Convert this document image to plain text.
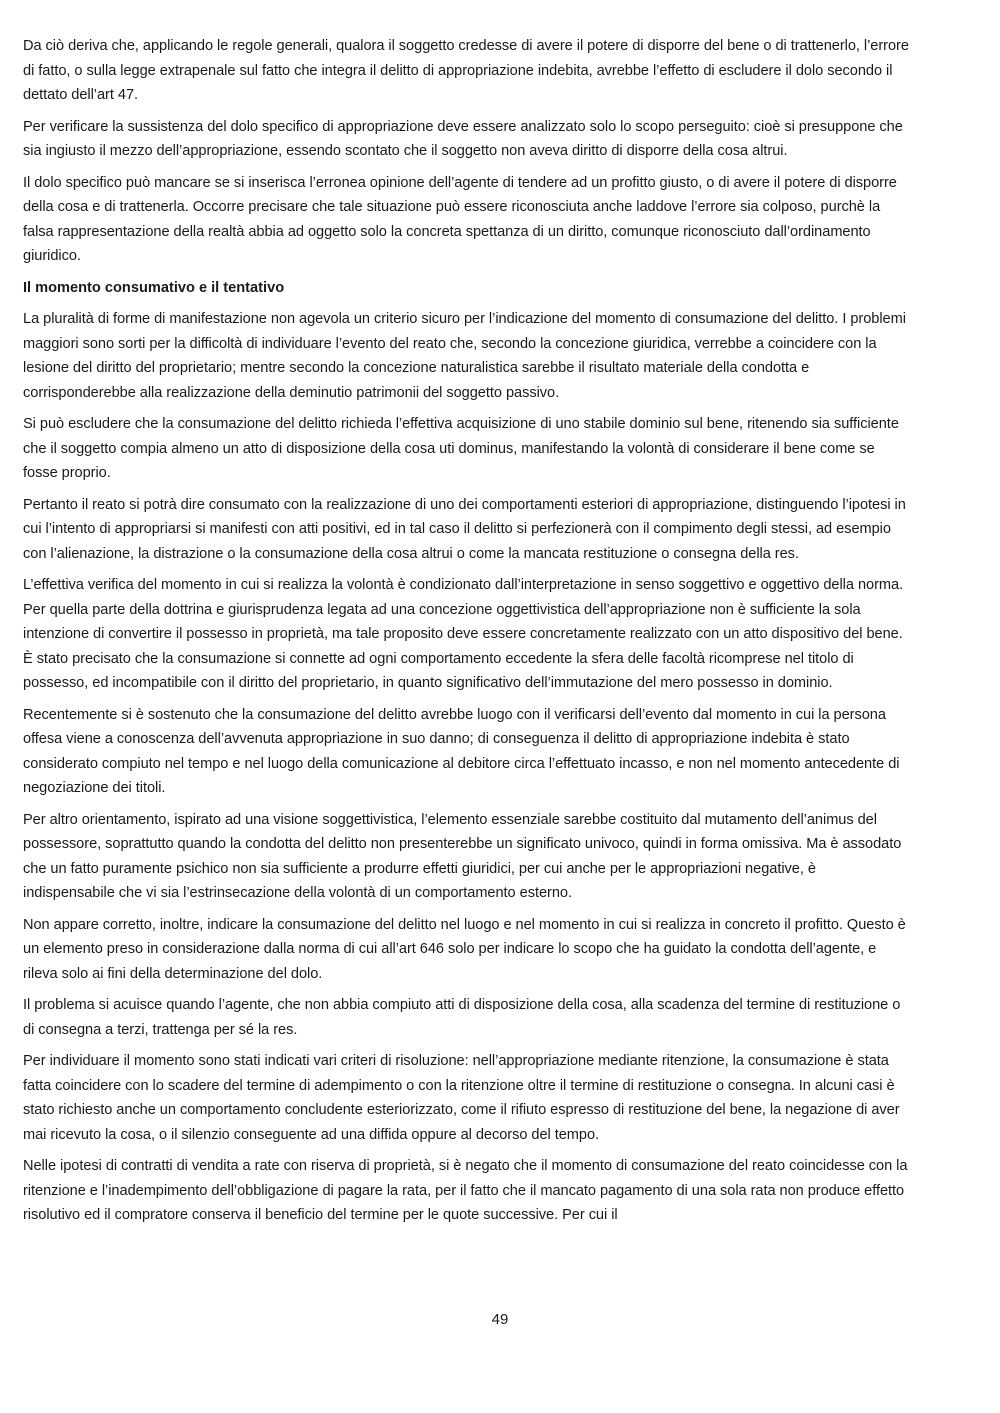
Da ciò deriva che, applicando le regole generali, qualora il soggetto credesse di avere il potere di disporre del bene o di trattenerlo, l’errore di fatto, o sulla legge extrapenale sul fatto che integra il delitto di appropriazione indebita, avrebbe l’effetto di escludere il dolo secondo il dettato dell’art 47.

Per verificare la sussistenza del dolo specifico di appropriazione deve essere analizzato solo lo scopo perseguito: cioè si presuppone che sia ingiusto il mezzo dell’appropriazione, essendo scontato che il soggetto non aveva diritto di disporre della cosa altrui.

Il dolo specifico può mancare se si inserisca l’erronea opinione dell’agente di tendere ad un profitto giusto, o di avere il potere di disporre della cosa e di trattenerla. Occorre precisare che tale situazione può essere riconosciuta anche laddove l’errore sia colposo, purchè la falsa rappresentazione della realtà abbia ad oggetto solo la concreta spettanza di un diritto, comunque riconosciuto dall’ordinamento giuridico.

Il momento consumativo e il tentativo

La pluralità di forme di manifestazione non agevola un criterio sicuro per l’indicazione del momento di consumazione del delitto. I problemi maggiori sono sorti per la difficoltà di individuare l’evento del reato che, secondo la concezione giuridica, verrebbe a coincidere con la lesione del diritto del proprietario; mentre secondo la concezione naturalistica sarebbe il risultato materiale della condotta e corrisponderebbe alla realizzazione della deminutio patrimonii del soggetto passivo.

Si può escludere che la consumazione del delitto richieda l’effettiva acquisizione di uno stabile dominio sul bene, ritenendo sia sufficiente che il soggetto compia almeno un atto di disposizione della cosa uti dominus, manifestando la volontà di considerare il bene come se fosse proprio.

Pertanto il reato si potrà dire consumato con la realizzazione di uno dei comportamenti esteriori di appropriazione, distinguendo l’ipotesi in cui l’intento di appropriarsi si manifesti con atti positivi, ed in tal caso il delitto si perfezionerà con il compimento degli stessi, ad esempio con l’alienazione, la distrazione o la consumazione della cosa altrui o come la mancata restituzione o consegna della res.

L’effettiva verifica del momento in cui si realizza la volontà è condizionato dall’interpretazione in senso soggettivo e oggettivo della norma. Per quella parte della dottrina e giurisprudenza legata ad una concezione oggettivistica dell’appropriazione non è sufficiente la sola intenzione di convertire il possesso in proprietà, ma tale proposito deve essere concretamente realizzato con un atto dispositivo del bene. È stato precisato che la consumazione si connette ad ogni comportamento eccedente la sfera delle facoltà ricomprese nel titolo di possesso, ed incompatibile con il diritto del proprietario, in quanto significativo dell’immutazione del mero possesso in dominio.

Recentemente si è sostenuto che la consumazione del delitto avrebbe luogo con il verificarsi dell’evento dal momento in cui la persona offesa viene a conoscenza dell’avvenuta appropriazione in suo danno; di conseguenza il delitto di appropriazione indebita è stato considerato compiuto nel tempo e nel luogo della comunicazione al debitore circa l’effettuato incasso, e non nel momento antecedente di negoziazione dei titoli.

Per altro orientamento, ispirato ad una visione soggettivistica, l’elemento essenziale sarebbe costituito dal mutamento dell’animus del possessore, soprattutto quando la condotta del delitto non presenterebbe un significato univoco, quindi in forma omissiva. Ma è assodato che un fatto puramente psichico non sia sufficiente a produrre effetti giuridici, per cui anche per le appropriazioni negative, è indispensabile che vi sia l’estrinsecazione della volontà di un comportamento esterno.

Non appare corretto, inoltre, indicare la consumazione del delitto nel luogo e nel momento in cui si realizza in concreto il profitto. Questo è un elemento preso in considerazione dalla norma di cui all’art 646 solo per indicare lo scopo che ha guidato la condotta dell’agente, e rileva solo ai fini della determinazione del dolo.

Il problema si acuisce quando l’agente, che non abbia compiuto atti di disposizione della cosa, alla scadenza del termine di restituzione o di consegna a terzi, trattenga per sé la res.

Per individuare il momento sono stati indicati vari criteri di risoluzione: nell’appropriazione mediante ritenzione, la consumazione è stata fatta coincidere con lo scadere del termine di adempimento o con la ritenzione oltre il termine di restituzione o consegna. In alcuni casi è stato richiesto anche un comportamento concludente esteriorizzato, come il rifiuto espresso di restituzione del bene, la negazione di aver mai ricevuto la cosa, o il silenzio conseguente ad una diffida oppure al decorso del tempo.

Nelle ipotesi di contratti di vendita a rate con riserva di proprietà, si è negato che il momento di consumazione del reato coincidesse con la ritenzione e l’inadempimento dell’obbligazione di pagare la rata, per il fatto che il mancato pagamento di una sola rata non produce effetto risolutivo ed il compratore conserva il beneficio del termine per le quote successive. Per cui il

49
